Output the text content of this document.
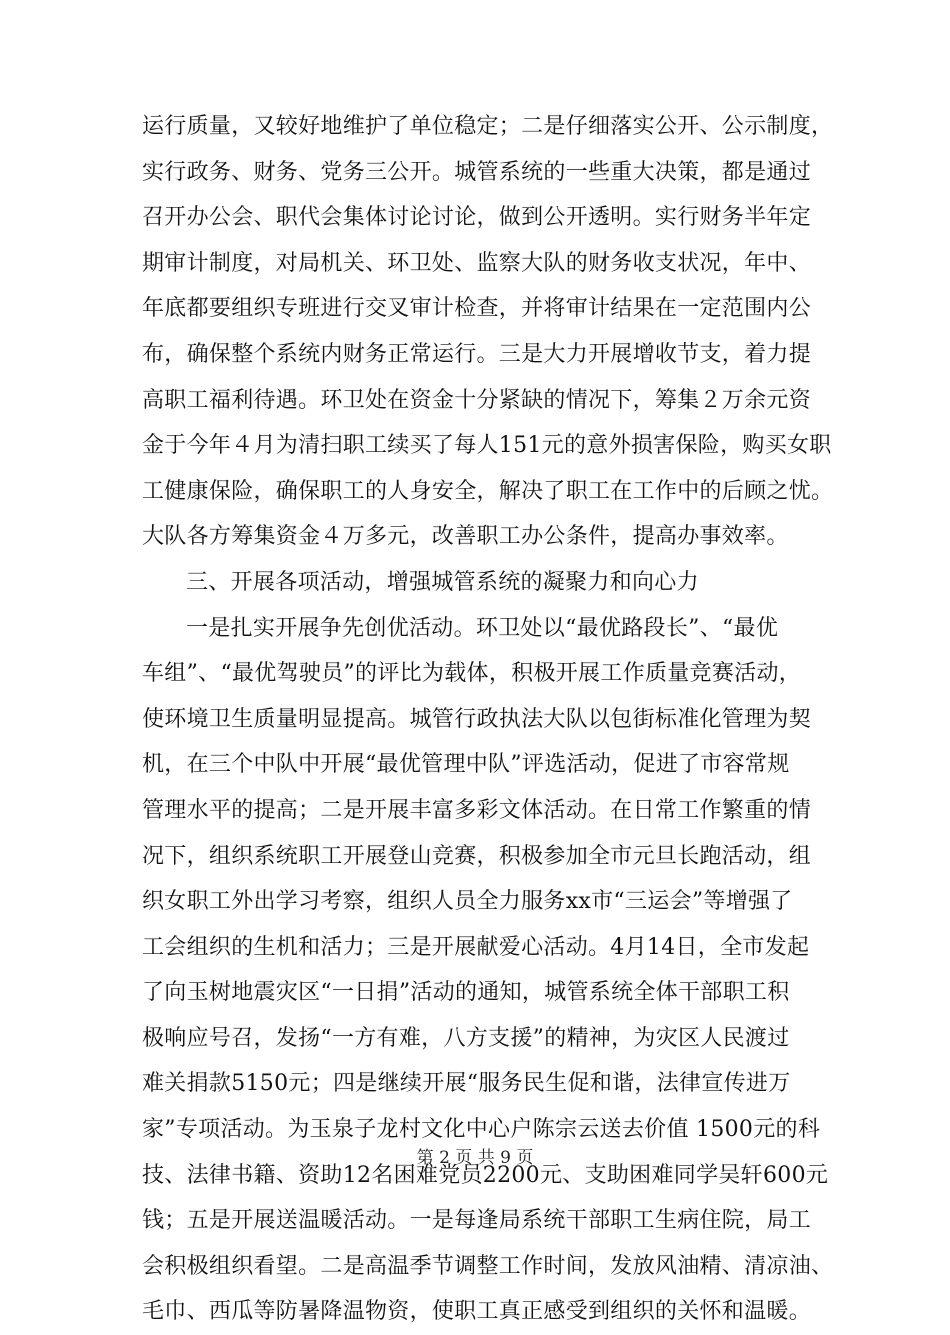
运行质量，又较好地维护了单位稳定；二是仔细落实公开、公示制度，
实行政务、财务、党务三公开。城管系统的一些重大决策，都是通过
召开办公会、职代会集体讨论讨论，做到公开透明。实行财务半年定
期审计制度，对局机关、环卫处、监察大队的财务收支状况，年中、
年底都要组织专班进行交叉审计检查，并将审计结果在一定范围内公
布，确保整个系统内财务正常运行。三是大力开展增收节支，着力提
高职工福利待遇。环卫处在资金十分紧缺的情况下，筹集２万余元资
金于今年４月为清扫职工续买了每人151元的意外损害保险，购买女职
工健康保险，确保职工的人身安全，解决了职工在工作中的后顾之忧。
大队各方筹集资金４万多元，改善职工办公条件，提高办事效率。
三、开展各项活动，增强城管系统的凝聚力和向心力
一是扎实开展争先创优活动。环卫处以“最优路段长”、“最优
车组”、“最优驾驶员”的评比为载体，积极开展工作质量竞赛活动，
使环境卫生质量明显提高。城管行政执法大队以包街标准化管理为契
机，在三个中队中开展“最优管理中队”评选活动，促进了市容常规
管理水平的提高；二是开展丰富多彩文体活动。在日常工作繁重的情
况下，组织系统职工开展登山竞赛，积极参加全市元旦长跑活动，组
织女职工外出学习考察，组织人员全力服务xx市“三运会”等增强了
工会组织的生机和活力；三是开展献爱心活动。4月14日，全市发起
了向玉树地震灾区“一日捐”活动的通知，城管系统全体干部职工积
极响应号召，发扬“一方有难，八方支援”的精神，为灾区人民渡过
难关捐款5150元；四是继续开展“服务民生促和谐，法律宣传进万
家”专项活动。为玉泉子龙村文化中心户陈宗云送去价值 1500元的科
技、法律书籍、资助12名困难党员2200元、支助困难同学吴轩600元
钱；五是开展送温暖活动。一是每逢局系统干部职工生病住院，局工
会积极组织看望。二是高温季节调整工作时间，发放风油精、清凉油、
毛巾、西瓜等防暑降温物资，使职工真正感受到组织的关怀和温暖。
第 2 页 共 9 页
